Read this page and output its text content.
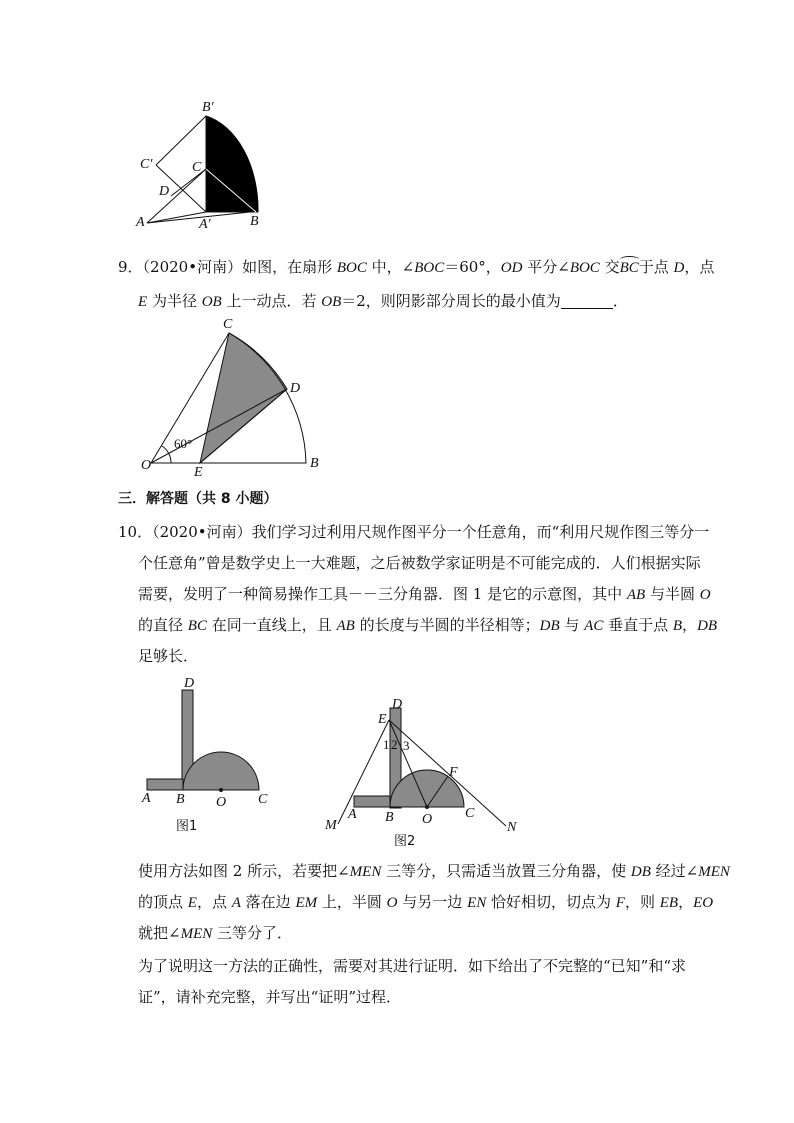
B′
C′	C
D
A	A′	B
9．（2020•河南）如图，在扇形 BOC 中，∠BOC＝60°，OD 平分∠BOC 交BC于点 D，点
E 为半径 OB 上一动点．若 OB＝2，则阴影部分周长的最小值为	．
C
D
O	E
B
60°
三．解答题（共 8 小题）
10．（2020•河南）我们学习过利用尺规作图平分一个任意角，而“利用尺规作图三等分一
个任意角”曾是数学史上一大难题，之后被数学家证明是不可能完成的．人们根据实际
需要，发明了一种简易操作工具－－三分角器．图 1 是它的示意图，其中 AB 与半圆 O
的直径 BC 在同一直线上，且 AB 的长度与半圆的半径相等；DB 与 AC 垂直于点 B，DB
足够长．
D
A B O C
图1
D
E
1 2 3
F
M
A B O C
N
图2
使用方法如图 2 所示，若要把∠MEN 三等分，只需适当放置三分角器，使 DB 经过∠MEN
的顶点 E，点 A 落在边 EM 上，半圆 O 与另一边 EN 恰好相切，切点为 F，则 EB，EO
就把∠MEN 三等分了．
为了说明这一方法的正确性，需要对其进行证明．如下给出了不完整的“已知”和“求
证”，请补充完整，并写出“证明”过程．
